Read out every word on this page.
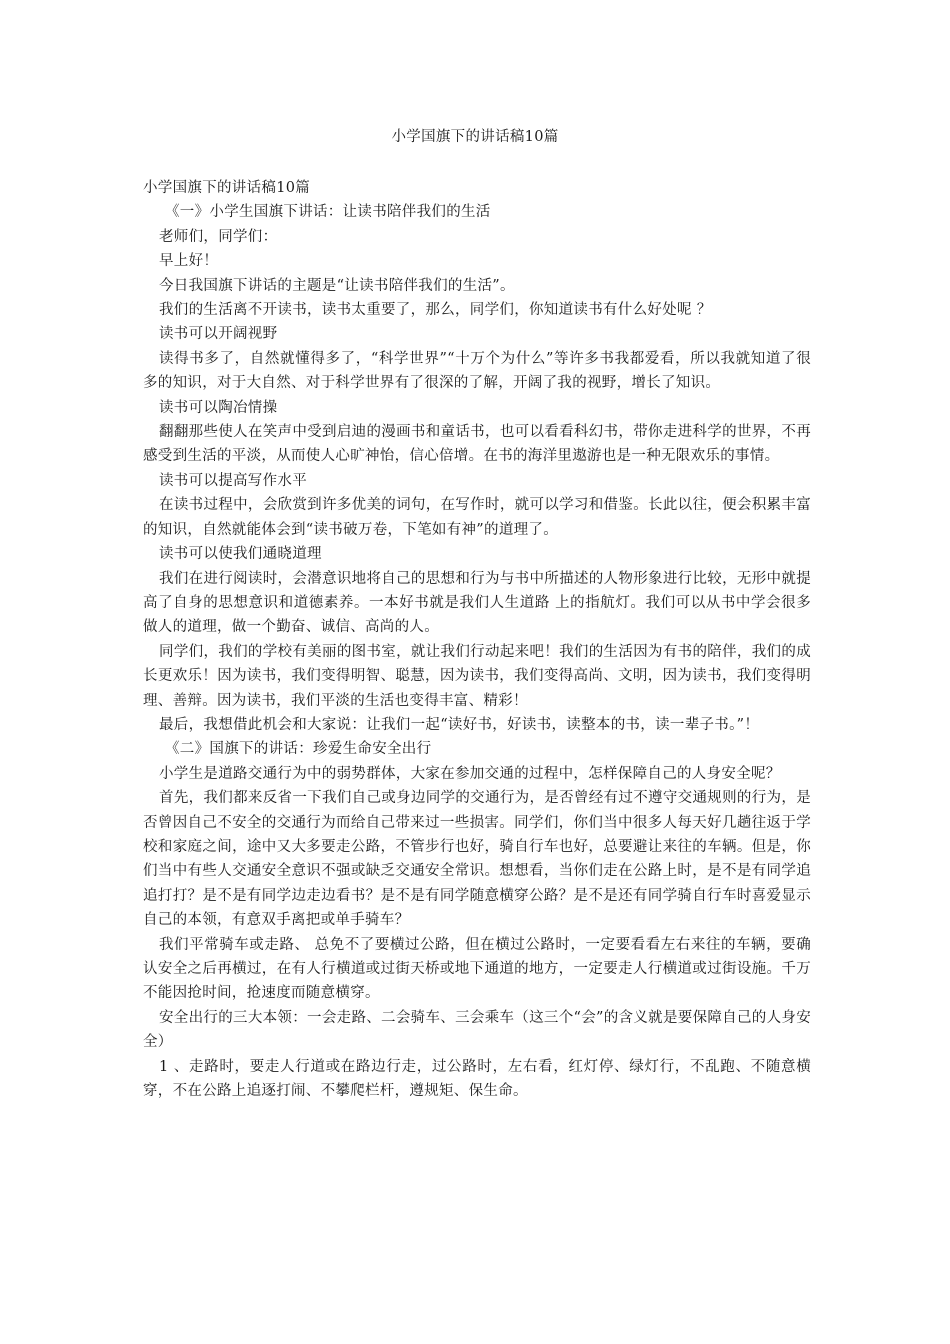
小学国旗下的讲话稿10篇

小学国旗下的讲话稿10篇

《一》小学生国旗下讲话：让读书陪伴我们的生活

老师们，同学们：

早上好！

今日我国旗下讲话的主题是“让读书陪伴我们的生活”。

我们的生活离不开读书，读书太重要了，那么，同学们，你知道读书有什么好处呢 ？

读书可以开阔视野

读得书多了，自然就懂得多了，“科学世界”“十万个为什么”等许多书我都爱看，所以我就知道了很多的知识，对于大自然、对于科学世界有了很深的了解，开阔了我的视野，增长了知识。

读书可以陶冶情操

翻翻那些使人在笑声中受到启迪的漫画书和童话书，也可以看看科幻书，带你走进科学的世界，不再感受到生活的平淡，从而使人心旷神怡，信心倍增。在书的海洋里遨游也是一种无限欢乐的事情。

读书可以提高写作水平

在读书过程中，会欣赏到许多优美的词句，在写作时，就可以学习和借鉴。长此以往，便会积累丰富的知识，自然就能体会到“读书破万卷，下笔如有神”的道理了。

读书可以使我们通晓道理

我们在进行阅读时，会潜意识地将自己的思想和行为与书中所描述的人物形象进行比较，无形中就提高了自身的思想意识和道德素养。一本好书就是我们人生道路 上的指航灯。我们可以从书中学会很多做人的道理，做一个勤奋、诚信、高尚的人。

同学们，我们的学校有美丽的图书室，就让我们行动起来吧！我们的生活因为有书的陪伴，我们的成长更欢乐！因为读书，我们变得明智、聪慧，因为读书，我们变得高尚、文明，因为读书，我们变得明理、善辩。因为读书，我们平淡的生活也变得丰富、精彩！

最后，我想借此机会和大家说：让我们一起“读好书，好读书，读整本的书，读一辈子书。”！

《二》国旗下的讲话：珍爱生命安全出行

小学生是道路交通行为中的弱势群体，大家在参加交通的过程中，怎样保障自己的人身安全呢？

首先，我们都来反省一下我们自己或身边同学的交通行为，是否曾经有过不遵守交通规则的行为，是否曾因自己不安全的交通行为而给自己带来过一些损害。同学们，你们当中很多人每天好几趟往返于学校和家庭之间，途中又大多要走公路，不管步行也好，骑自行车也好，总要避让来往的车辆。但是，你们当中有些人交通安全意识不强或缺乏交通安全常识。想想看，当你们走在公路上时，是不是有同学追追打打？是不是有同学边走边看书？是不是有同学随意横穿公路？是不是还有同学骑自行车时喜爱显示自己的本领，有意双手离把或单手骑车？

我们平常骑车或走路、 总免不了要横过公路，但在横过公路时，一定要看看左右来往的车辆，要确认安全之后再横过，在有人行横道或过街天桥或地下通道的地方，一定要走人行横道或过街设施。千万不能因抢时间，抢速度而随意横穿。

安全出行的三大本领：一会走路、二会骑车、三会乘车（这三个“会”的含义就是要保障自己的人身安全）

1 、走路时，要走人行道或在路边行走，过公路时，左右看，红灯停、绿灯行，不乱跑、不随意横穿，不在公路上追逐打闹、不攀爬栏杆，遵规矩、保生命。
